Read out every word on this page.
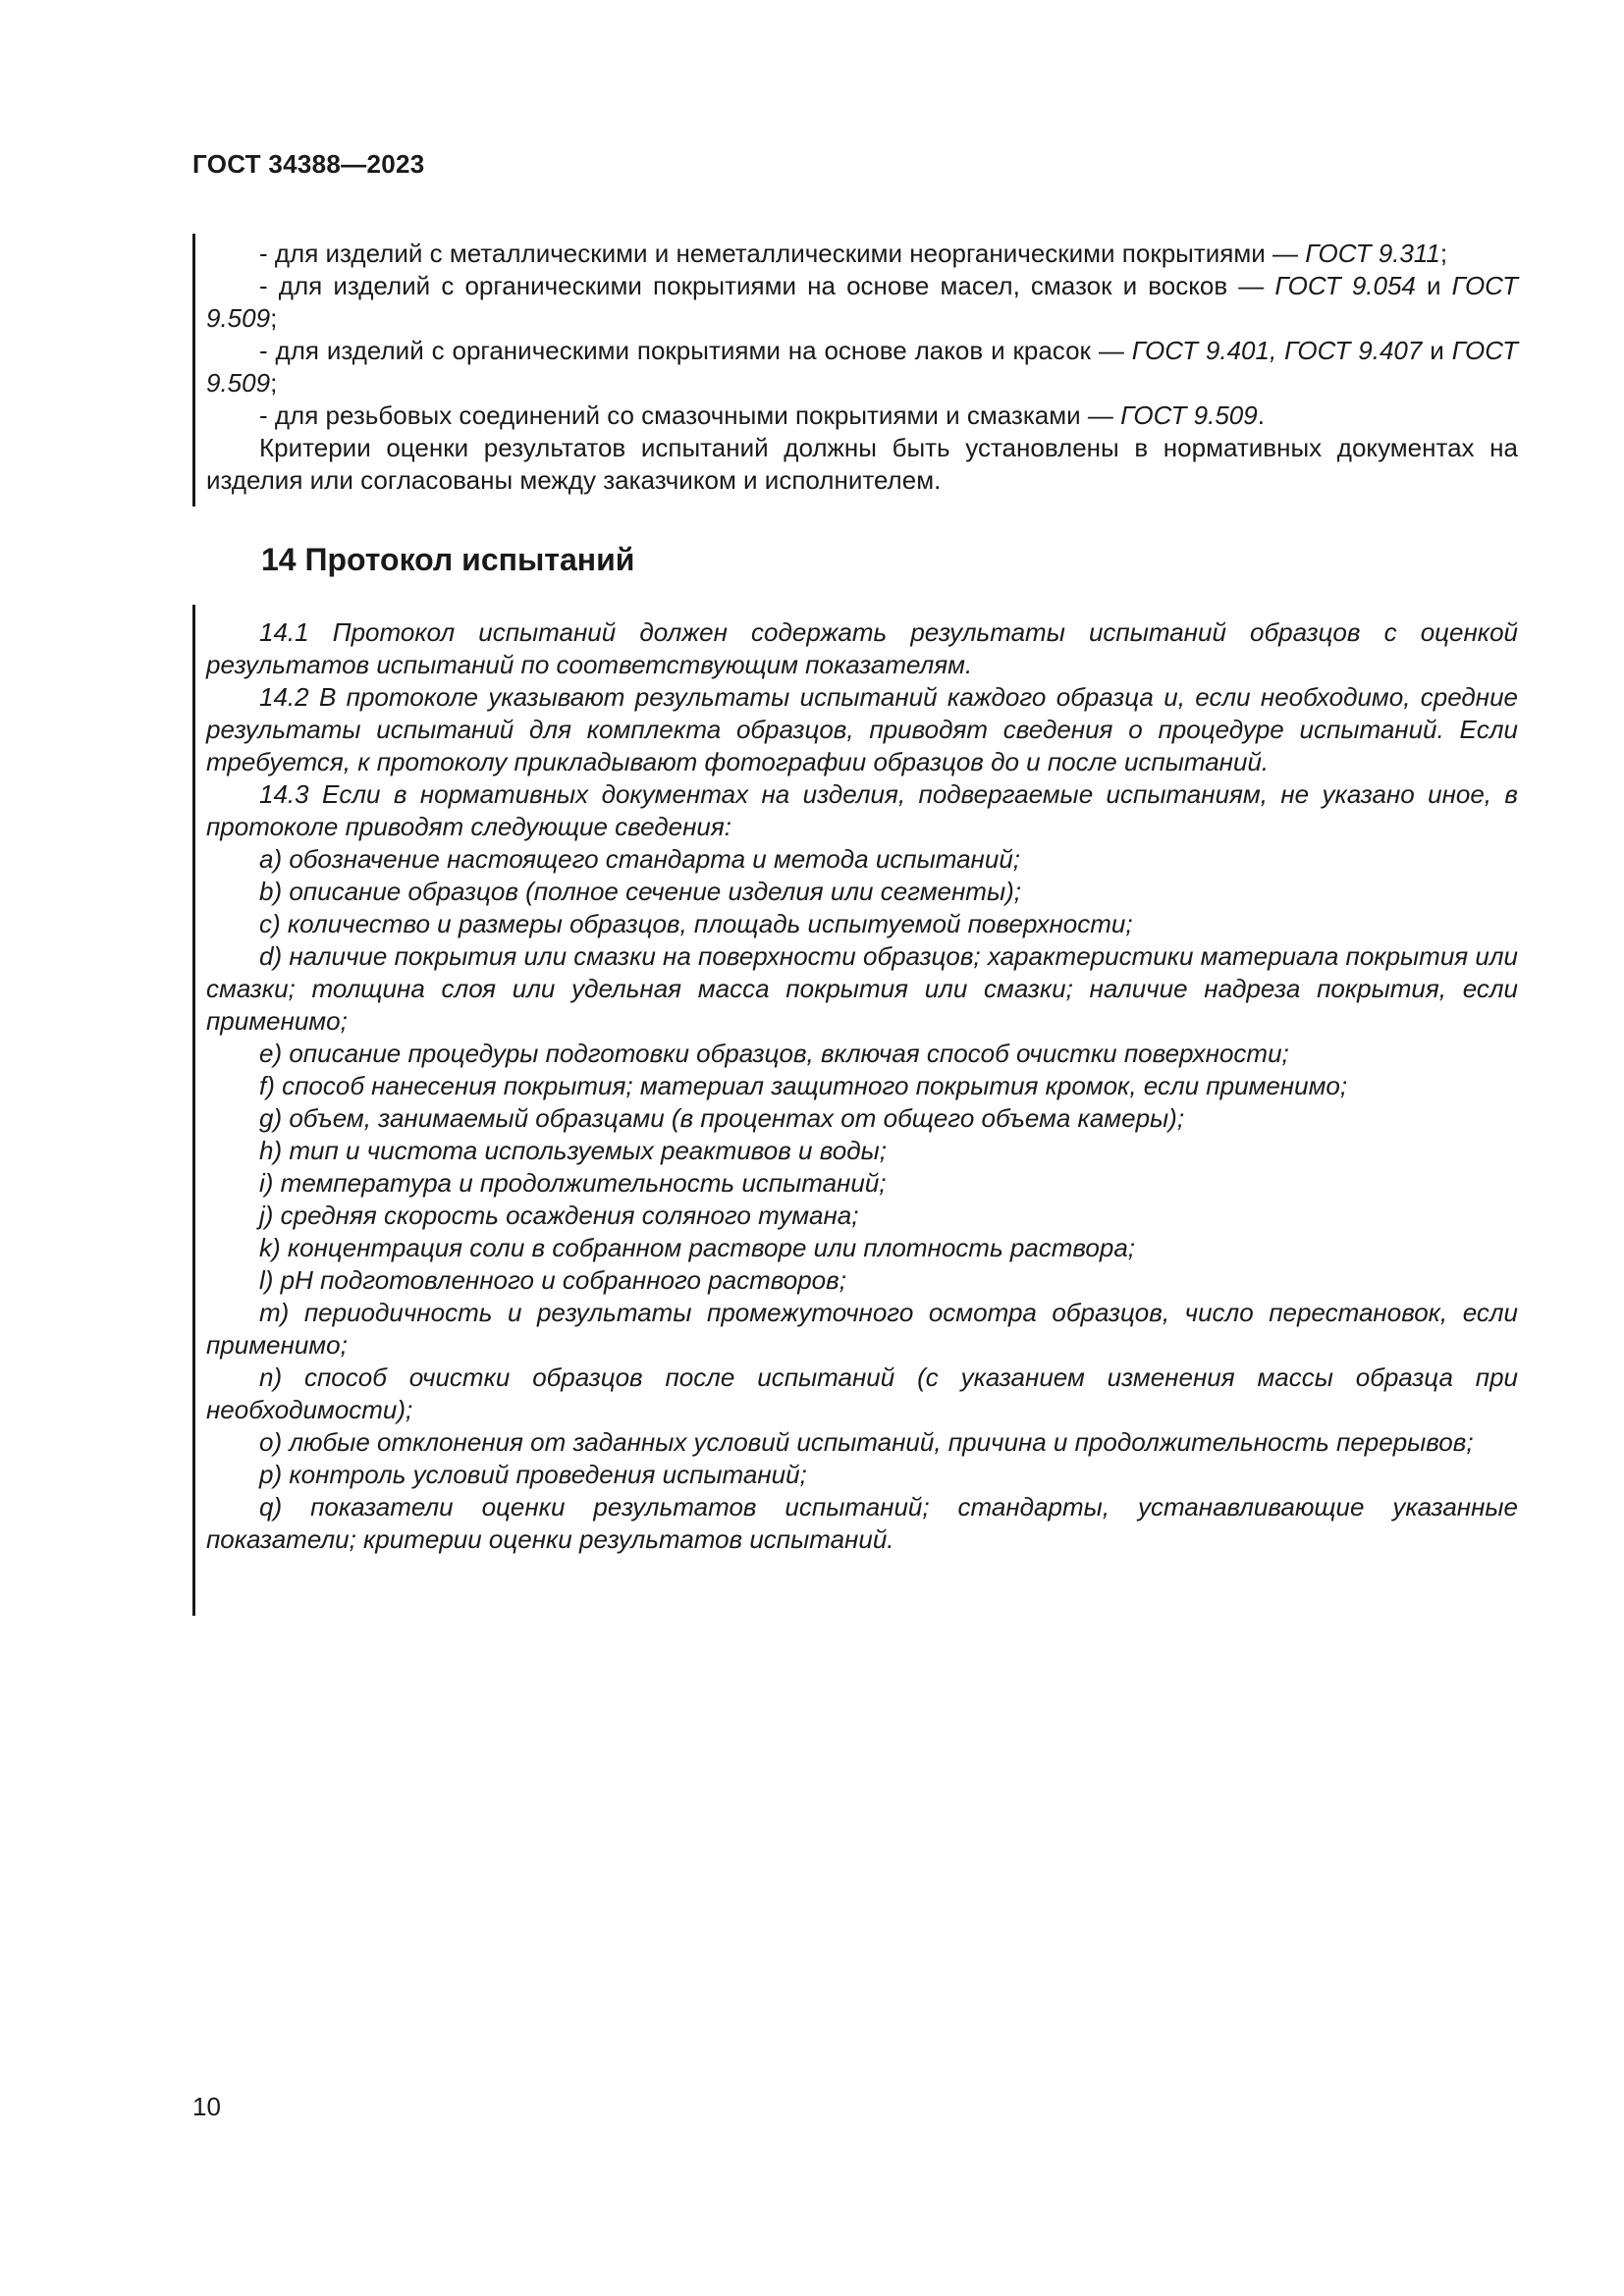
ГОСТ 34388—2023

- для изделий с металлическими и неметаллическими неорганическими покрытиями — ГОСТ 9.311;

- для изделий с органическими покрытиями на основе масел, смазок и восков — ГОСТ 9.054 и ГОСТ 9.509;

- для изделий с органическими покрытиями на основе лаков и красок — ГОСТ 9.401, ГОСТ 9.407 и ГОСТ 9.509;

- для резьбовых соединений со смазочными покрытиями и смазками — ГОСТ 9.509.

Критерии оценки результатов испытаний должны быть установлены в нормативных документах на изделия или согласованы между заказчиком и исполнителем.

14 Протокол испытаний

14.1 Протокол испытаний должен содержать результаты испытаний образцов с оценкой результатов испытаний по соответствующим показателям.

14.2 В протоколе указывают результаты испытаний каждого образца и, если необходимо, средние результаты испытаний для комплекта образцов, приводят сведения о процедуре испытаний. Если требуется, к протоколу прикладывают фотографии образцов до и после испытаний.

14.3 Если в нормативных документах на изделия, подвергаемые испытаниям, не указано иное, в протоколе приводят следующие сведения:

a) обозначение настоящего стандарта и метода испытаний;

b) описание образцов (полное сечение изделия или сегменты);

c) количество и размеры образцов, площадь испытуемой поверхности;

d) наличие покрытия или смазки на поверхности образцов; характеристики материала покрытия или смазки; толщина слоя или удельная масса покрытия или смазки; наличие надреза покрытия, если применимо;

e) описание процедуры подготовки образцов, включая способ очистки поверхности;

f) способ нанесения покрытия; материал защитного покрытия кромок, если применимо;

g) объем, занимаемый образцами (в процентах от общего объема камеры);

h) тип и чистота используемых реактивов и воды;

i) температура и продолжительность испытаний;

j) средняя скорость осаждения соляного тумана;

k) концентрация соли в собранном растворе или плотность раствора;

l) pH подготовленного и собранного растворов;

m) периодичность и результаты промежуточного осмотра образцов, число перестановок, если применимо;

n) способ очистки образцов после испытаний (с указанием изменения массы образца при необходимости);

o) любые отклонения от заданных условий испытаний, причина и продолжительность перерывов;

p) контроль условий проведения испытаний;

q) показатели оценки результатов испытаний; стандарты, устанавливающие указанные показатели; критерии оценки результатов испытаний.

10
